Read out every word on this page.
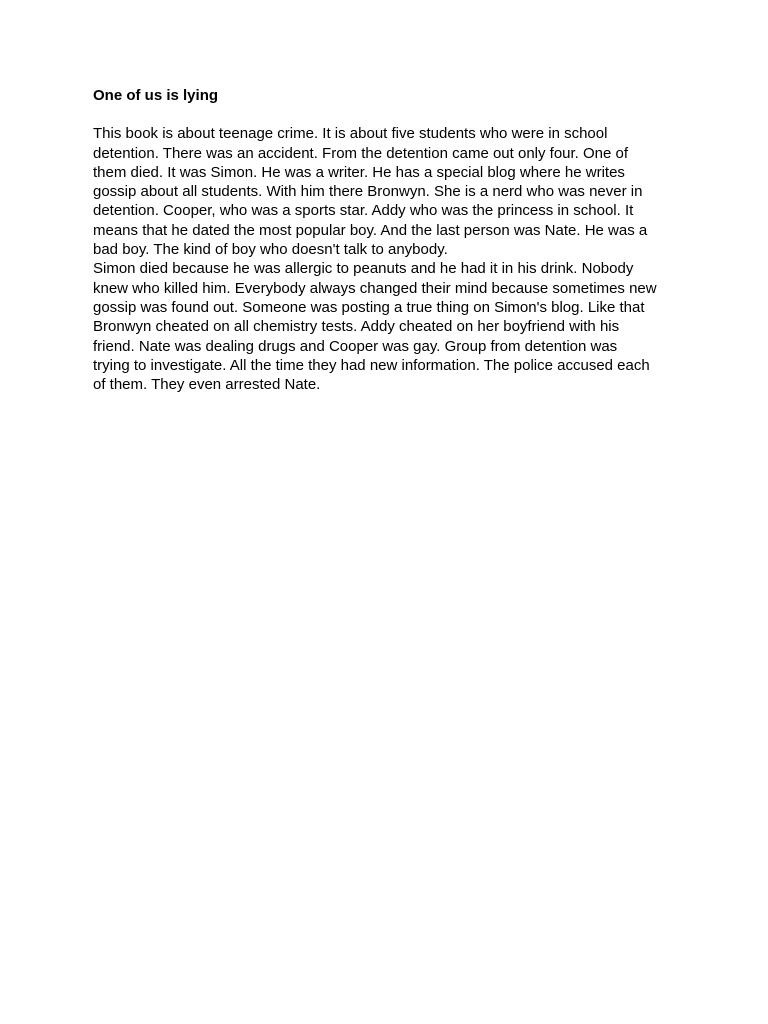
One of us is lying

This book is about teenage crime. It is about five students who were in school
detention. There was an accident. From the detention came out only four. One of
them died. It was Simon. He was a writer. He has a special blog where he writes
gossip about all students. With him there Bronwyn. She is a nerd who was never in
detention. Cooper, who was a sports star. Addy who was the princess in school. It
means that he dated the most popular boy. And the last person was Nate. He was a
bad boy. The kind of boy who doesn't talk to anybody.

Simon died because he was allergic to peanuts and he had it in his drink. Nobody
knew who killed him. Everybody always changed their mind because sometimes new
gossip was found out. Someone was posting a true thing on Simon's blog. Like that
Bronwyn cheated on all chemistry tests. Addy cheated on her boyfriend with his
friend. Nate was dealing drugs and Cooper was gay. Group from detention was
trying to investigate. All the time they had new information. The police accused each
of them. They even arrested Nate.
